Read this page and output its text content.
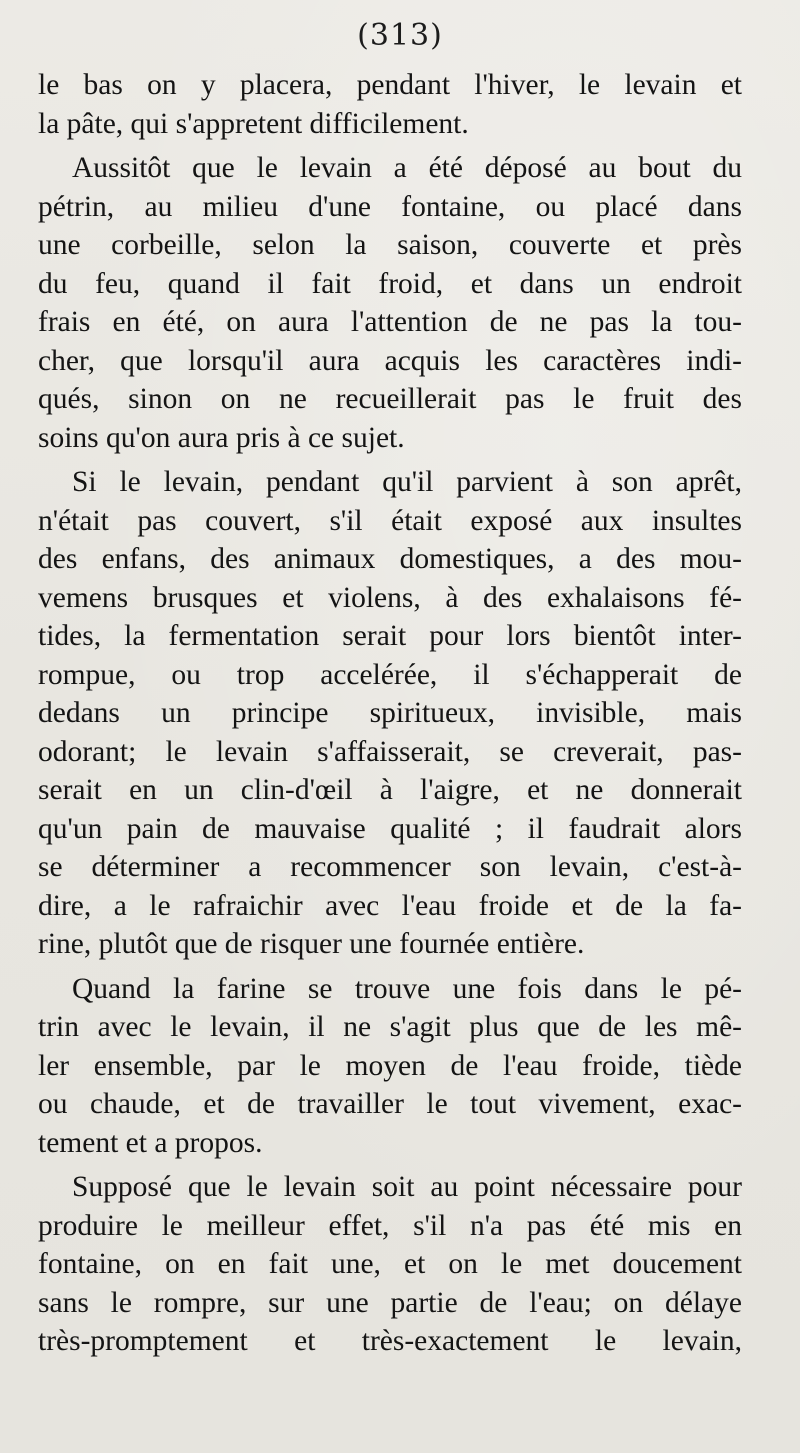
(313)
le bas on y placera, pendant l'hiver, le levain et
la pâte, qui s'appretent difficilement.
Aussitôt que le levain a été déposé au bout du
pétrin, au milieu d'une fontaine, ou placé dans
une corbeille, selon la saison, couverte et près
du feu, quand il fait froid, et dans un endroit
frais en été, on aura l'attention de ne pas la tou-
cher, que lorsqu'il aura acquis les caractères indi-
qués, sinon on ne recueillerait pas le fruit des
soins qu'on aura pris à ce sujet.
Si le levain, pendant qu'il parvient à son aprêt,
n'était pas couvert, s'il était exposé aux insultes
des enfans, des animaux domestiques, a des mou-
vemens brusques et violens, à des exhalaisons fé-
tides, la fermentation serait pour lors bientôt inter-
rompue, ou trop accelérée, il s'échapperait de
dedans un principe spiritueux, invisible, mais
odorant; le levain s'affaisserait, se creverait, pas-
serait en un clin-d'œil à l'aigre, et ne donnerait
qu'un pain de mauvaise qualité ; il faudrait alors
se déterminer a recommencer son levain, c'est-à-
dire, a le rafraichir avec l'eau froide et de la fa-
rine, plutôt que de risquer une fournée entière.
Quand la farine se trouve une fois dans le pé-
trin avec le levain, il ne s'agit plus que de les mê-
ler ensemble, par le moyen de l'eau froide, tiède
ou chaude, et de travailler le tout vivement, exac-
tement et a propos.
Supposé que le levain soit au point nécessaire pour
produire le meilleur effet, s'il n'a pas été mis en
fontaine, on en fait une, et on le met doucement
sans le rompre, sur une partie de l'eau; on délaye
très-promptement et très-exactement le levain,
